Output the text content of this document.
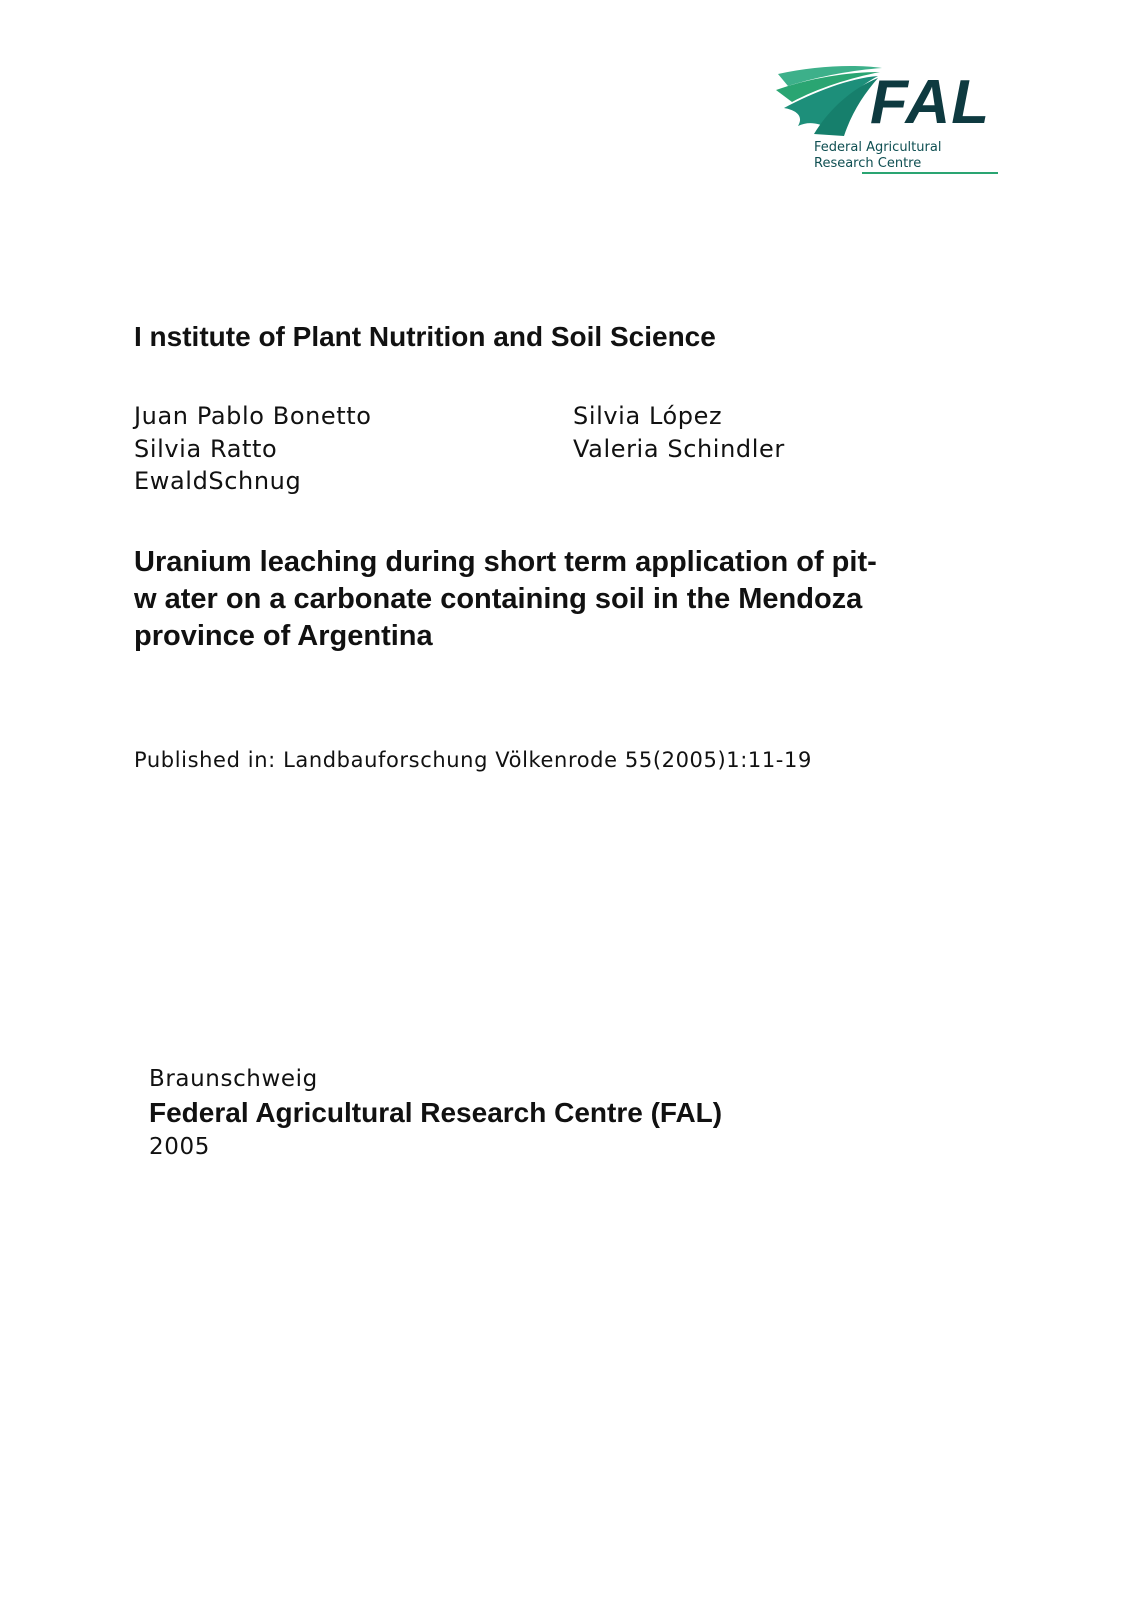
FAL
Federal Agricultural
Research Centre
I nstitute of Plant Nutrition and Soil Science
Juan Pablo Bonetto
Silvia Ratto
EwaldSchnug
Silvia López
Valeria Schindler
Uranium leaching during short term application of pit-
w ater on a carbonate containing soil in the Mendoza
province of Argentina
Published in: Landbauforschung Völkenrode 55(2005)1:11-19
Braunschweig
Federal Agricultural Research Centre (FAL)
2005
